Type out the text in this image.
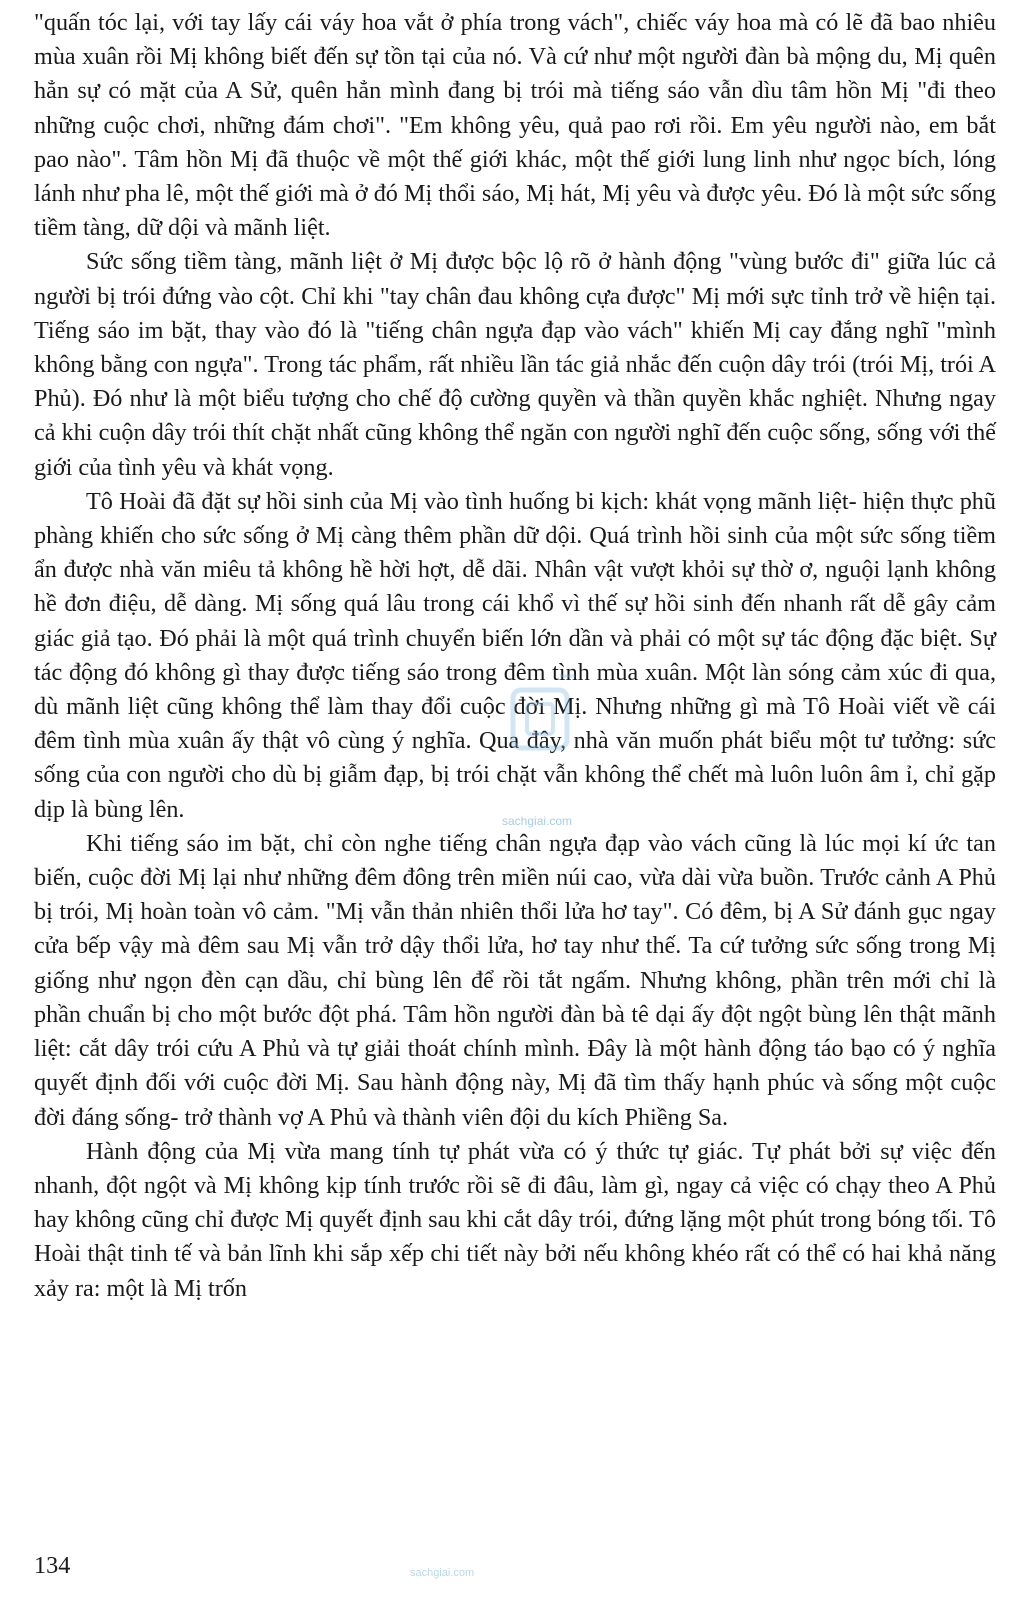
"quấn tóc lại, với tay lấy cái váy hoa vắt ở phía trong vách", chiếc váy hoa mà có lẽ đã bao nhiêu mùa xuân rồi Mị không biết đến sự tồn tại của nó. Và cứ như một người đàn bà mộng du, Mị quên hẳn sự có mặt của A Sử, quên hẳn mình đang bị trói mà tiếng sáo vẫn dìu tâm hồn Mị "đi theo những cuộc chơi, những đám chơi". "Em không yêu, quả pao rơi rồi. Em yêu người nào, em bắt pao nào". Tâm hồn Mị đã thuộc về một thế giới khác, một thế giới lung linh như ngọc bích, lóng lánh như pha lê, một thế giới mà ở đó Mị thổi sáo, Mị hát, Mị yêu và được yêu. Đó là một sức sống tiềm tàng, dữ dội và mãnh liệt.

Sức sống tiềm tàng, mãnh liệt ở Mị được bộc lộ rõ ở hành động "vùng bước đi" giữa lúc cả người bị trói đứng vào cột. Chỉ khi "tay chân đau không cựa được" Mị mới sực tỉnh trở về hiện tại. Tiếng sáo im bặt, thay vào đó là "tiếng chân ngựa đạp vào vách" khiến Mị cay đắng nghĩ "mình không bằng con ngựa". Trong tác phẩm, rất nhiều lần tác giả nhắc đến cuộn dây trói (trói Mị, trói A Phủ). Đó như là một biểu tượng cho chế độ cường quyền và thần quyền khắc nghiệt. Nhưng ngay cả khi cuộn dây trói thít chặt nhất cũng không thể ngăn con người nghĩ đến cuộc sống, sống với thế giới của tình yêu và khát vọng.

Tô Hoài đã đặt sự hồi sinh của Mị vào tình huống bi kịch: khát vọng mãnh liệt- hiện thực phũ phàng khiến cho sức sống ở Mị càng thêm phần dữ dội. Quá trình hồi sinh của một sức sống tiềm ẩn được nhà văn miêu tả không hề hời hợt, dễ dãi. Nhân vật vượt khỏi sự thờ ơ, nguội lạnh không hề đơn điệu, dễ dàng. Mị sống quá lâu trong cái khổ vì thế sự hồi sinh đến nhanh rất dễ gây cảm giác giả tạo. Đó phải là một quá trình chuyển biến lớn dần và phải có một sự tác động đặc biệt. Sự tác động đó không gì thay được tiếng sáo trong đêm tình mùa xuân. Một làn sóng cảm xúc đi qua, dù mãnh liệt cũng không thể làm thay đổi cuộc đời Mị. Nhưng những gì mà Tô Hoài viết về cái đêm tình mùa xuân ấy thật vô cùng ý nghĩa. Qua đây, nhà văn muốn phát biểu một tư tưởng: sức sống của con người cho dù bị giẫm đạp, bị trói chặt vẫn không thể chết mà luôn luôn âm ỉ, chỉ gặp dịp là bùng lên.

Khi tiếng sáo im bặt, chỉ còn nghe tiếng chân ngựa đạp vào vách cũng là lúc mọi kí ức tan biến, cuộc đời Mị lại như những đêm đông trên miền núi cao, vừa dài vừa buồn. Trước cảnh A Phủ bị trói, Mị hoàn toàn vô cảm. "Mị vẫn thản nhiên thổi lửa hơ tay". Có đêm, bị A Sử đánh gục ngay cửa bếp vậy mà đêm sau Mị vẫn trở dậy thổi lửa, hơ tay như thế. Ta cứ tưởng sức sống trong Mị giống như ngọn đèn cạn dầu, chỉ bùng lên để rồi tắt ngấm. Nhưng không, phần trên mới chỉ là phần chuẩn bị cho một bước đột phá. Tâm hồn người đàn bà tê dại ấy đột ngột bùng lên thật mãnh liệt: cắt dây trói cứu A Phủ và tự giải thoát chính mình. Đây là một hành động táo bạo có ý nghĩa quyết định đối với cuộc đời Mị. Sau hành động này, Mị đã tìm thấy hạnh phúc và sống một cuộc đời đáng sống- trở thành vợ A Phủ và thành viên đội du kích Phiềng Sa.

Hành động của Mị vừa mang tính tự phát vừa có ý thức tự giác. Tự phát bởi sự việc đến nhanh, đột ngột và Mị không kịp tính trước rồi sẽ đi đâu, làm gì, ngay cả việc có chạy theo A Phủ hay không cũng chỉ được Mị quyết định sau khi cắt dây trói, đứng lặng một phút trong bóng tối. Tô Hoài thật tinh tế và bản lĩnh khi sắp xếp chi tiết này bởi nếu không khéo rất có thể có hai khả năng xảy ra: một là Mị trốn

134
sachgiai.com
sachgiai.com
